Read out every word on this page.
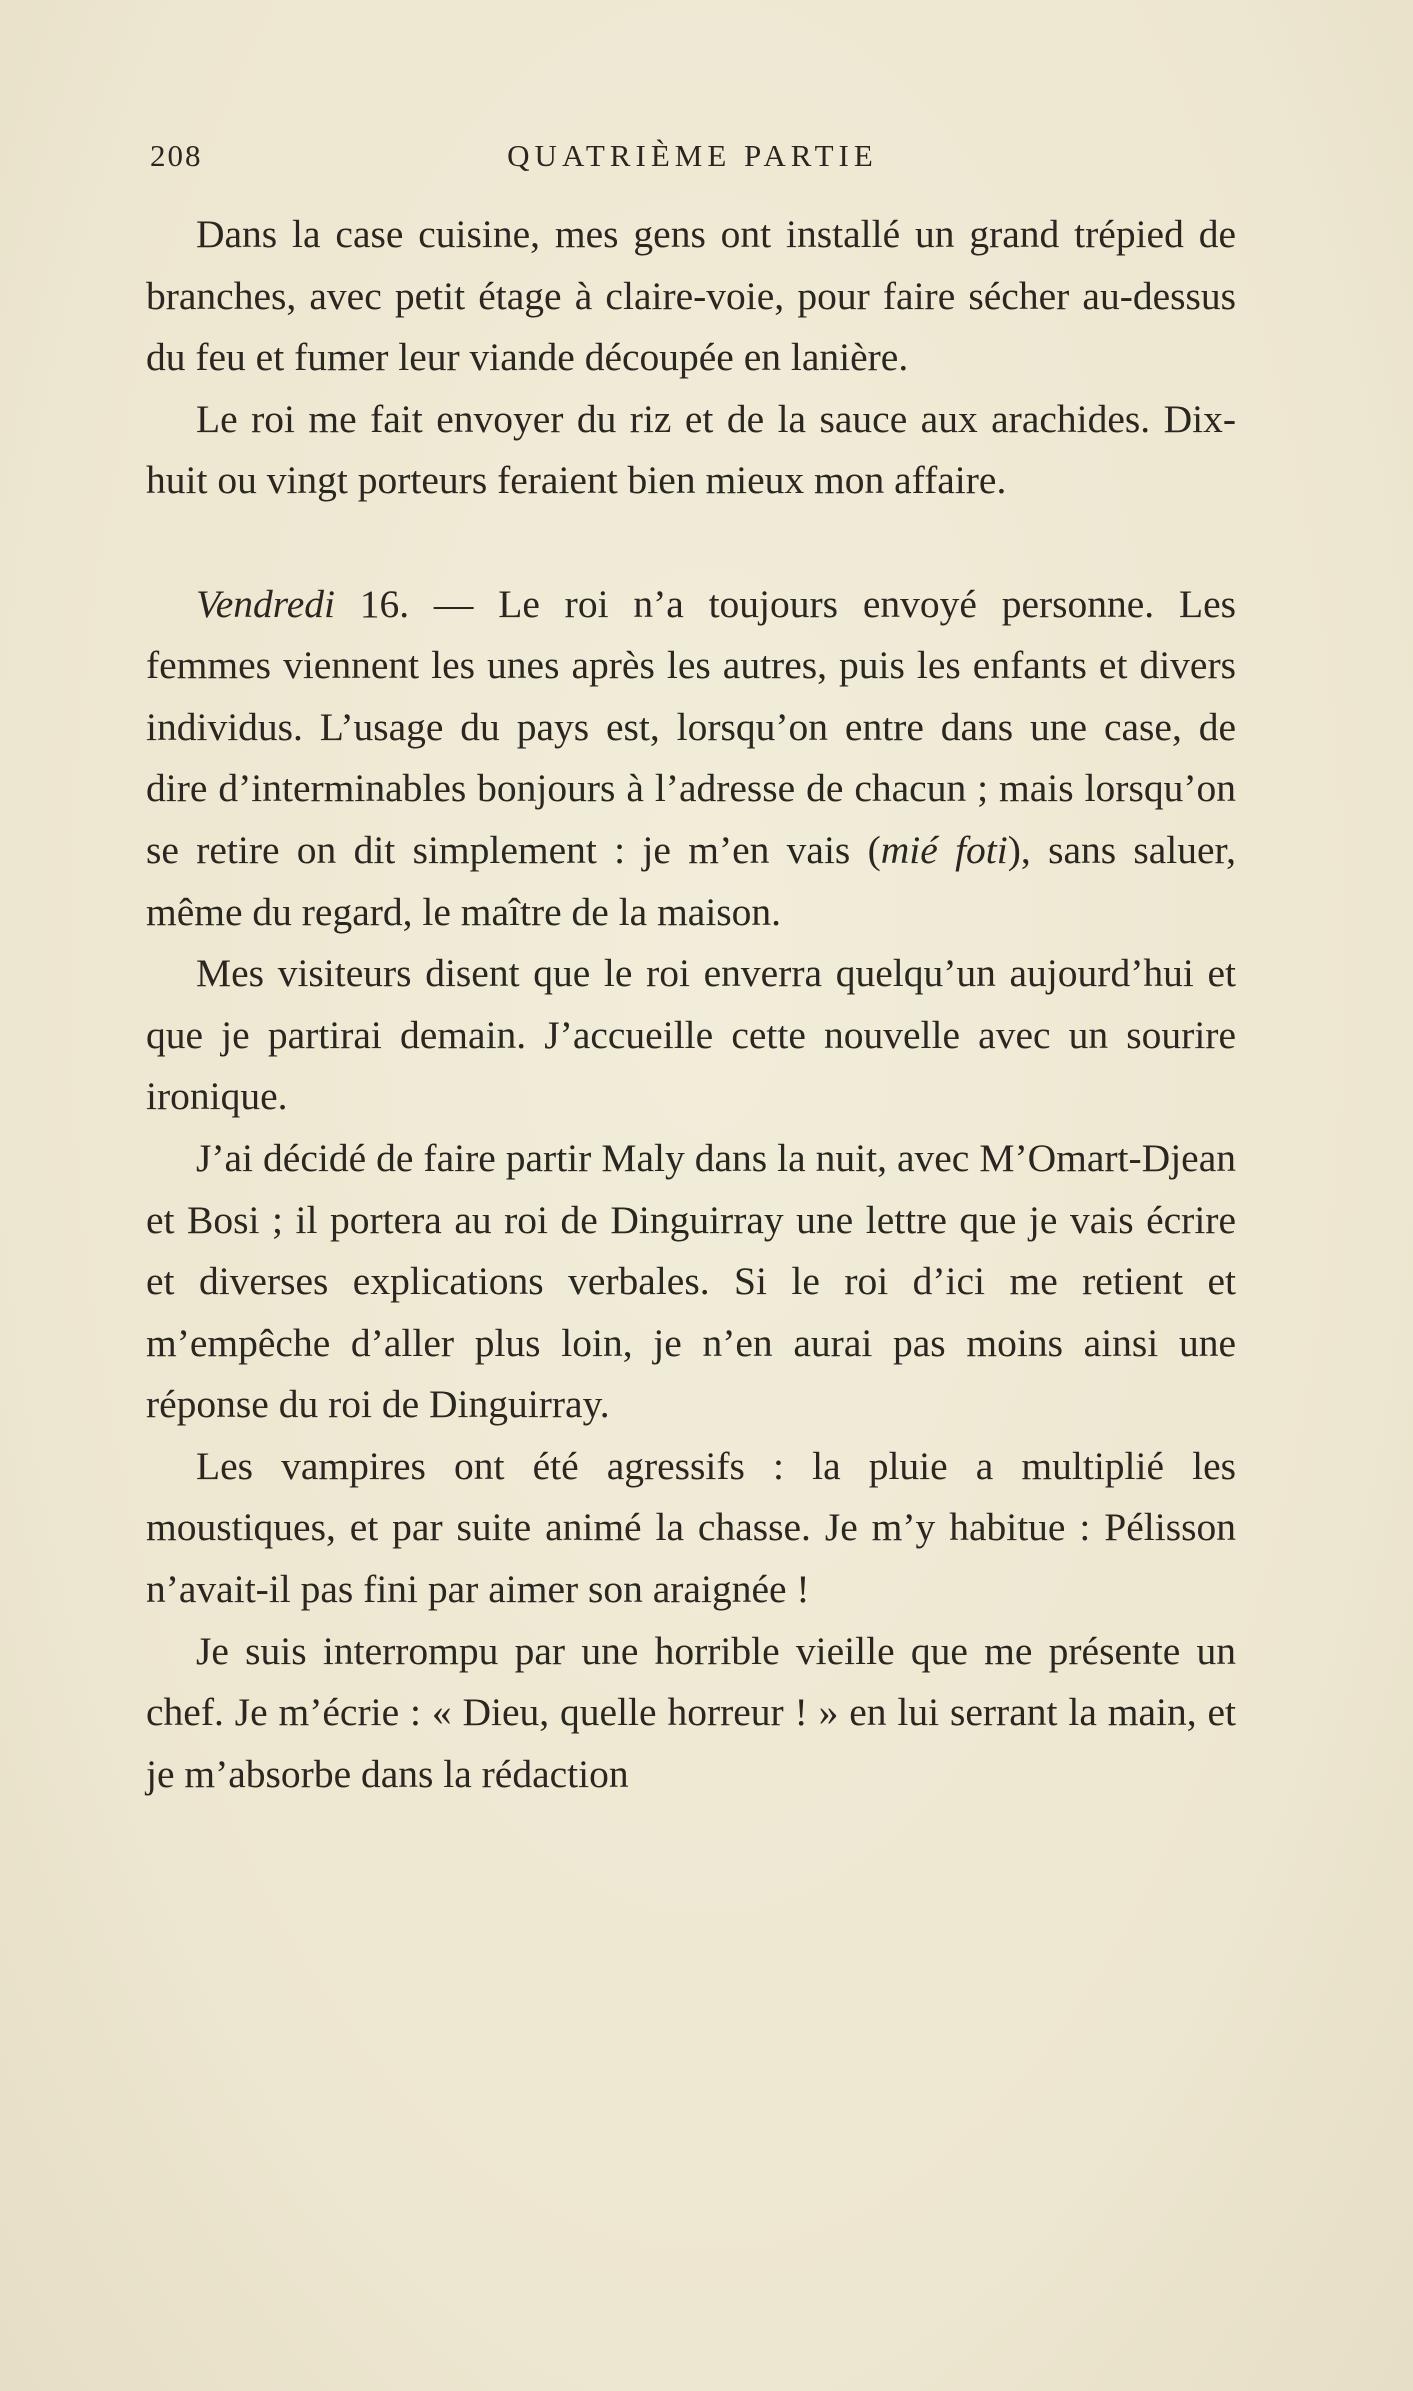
208	QUATRIÈME PARTIE

Dans la case cuisine, mes gens ont installé un grand trépied de branches, avec petit étage à claire-voie, pour faire sécher au-dessus du feu et fumer leur viande découpée en lanière.

Le roi me fait envoyer du riz et de la sauce aux arachides. Dix-huit ou vingt porteurs feraient bien mieux mon affaire.

Vendredi 16. — Le roi n’a toujours envoyé personne. Les femmes viennent les unes après les autres, puis les enfants et divers individus. L’usage du pays est, lorsqu’on entre dans une case, de dire d’interminables bonjours à l’adresse de chacun ; mais lorsqu’on se retire on dit simplement : je m’en vais (mié foti), sans saluer, même du regard, le maître de la maison.

Mes visiteurs disent que le roi enverra quelqu’un aujourd’hui et que je partirai demain. J’accueille cette nouvelle avec un sourire ironique.

J’ai décidé de faire partir Maly dans la nuit, avec M’Omart-Djean et Bosi ; il portera au roi de Dinguirray une lettre que je vais écrire et diverses explications verbales. Si le roi d’ici me retient et m’empêche d’aller plus loin, je n’en aurai pas moins ainsi une réponse du roi de Dinguirray.

Les vampires ont été agressifs : la pluie a multiplié les moustiques, et par suite animé la chasse. Je m’y habitue : Pélisson n’avait-il pas fini par aimer son araignée !

Je suis interrompu par une horrible vieille que me présente un chef. Je m’écrie : « Dieu, quelle horreur ! » en lui serrant la main, et je m’absorbe dans la rédaction
